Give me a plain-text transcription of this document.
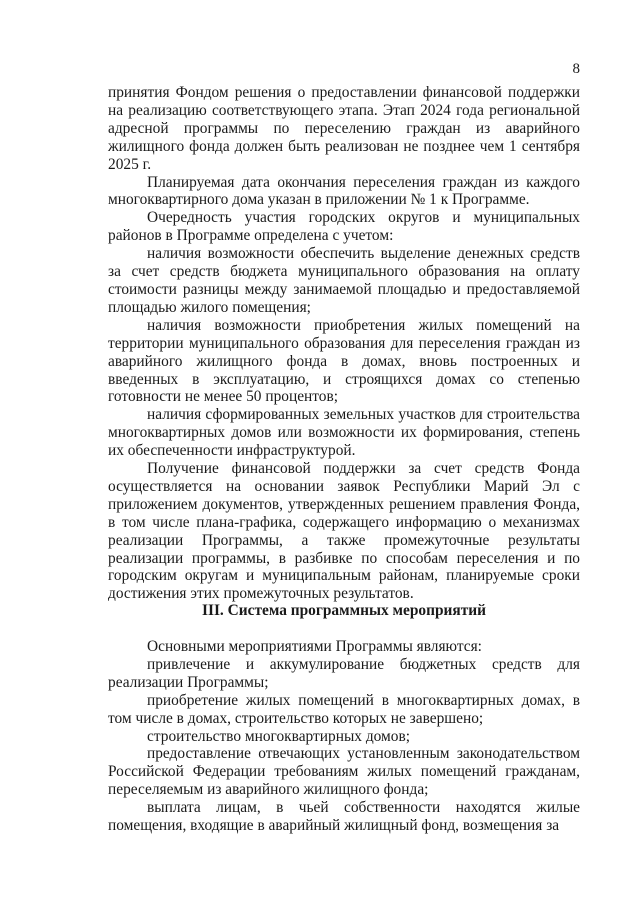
8

принятия Фондом решения о предоставлении финансовой поддержки на реализацию соответствующего этапа. Этап 2024 года региональной адресной программы по переселению граждан из аварийного жилищного фонда должен быть реализован не позднее чем 1 сентября 2025 г.

Планируемая дата окончания переселения граждан из каждого многоквартирного дома указан в приложении № 1 к Программе.

Очередность участия городских округов и муниципальных районов в Программе определена с учетом:

наличия возможности обеспечить выделение денежных средств за счет средств бюджета муниципального образования на оплату стоимости разницы между занимаемой площадью и предоставляемой площадью жилого помещения;

наличия возможности приобретения жилых помещений на территории муниципального образования для переселения граждан из аварийного жилищного фонда в домах, вновь построенных и введенных в эксплуатацию, и строящихся домах со степенью готовности не менее 50 процентов;

наличия сформированных земельных участков для строительства многоквартирных домов или возможности их формирования, степень их обеспеченности инфраструктурой.

Получение финансовой поддержки за счет средств Фонда осуществляется на основании заявок Республики Марий Эл с приложением документов, утвержденных решением правления Фонда, в том числе плана-графика, содержащего информацию о механизмах реализации Программы, а также промежуточные результаты реализации программы, в разбивке по способам переселения и по городским округам и муниципальным районам, планируемые сроки достижения этих промежуточных результатов.

III. Система программных мероприятий

Основными мероприятиями Программы являются:

привлечение и аккумулирование бюджетных средств для реализации Программы;

приобретение жилых помещений в многоквартирных домах, в том числе в домах, строительство которых не завершено;

строительство многоквартирных домов;

предоставление отвечающих установленным законодательством Российской Федерации требованиям жилых помещений гражданам, переселяемым из аварийного жилищного фонда;

выплата лицам, в чьей собственности находятся жилые помещения, входящие в аварийный жилищный фонд, возмещения за
